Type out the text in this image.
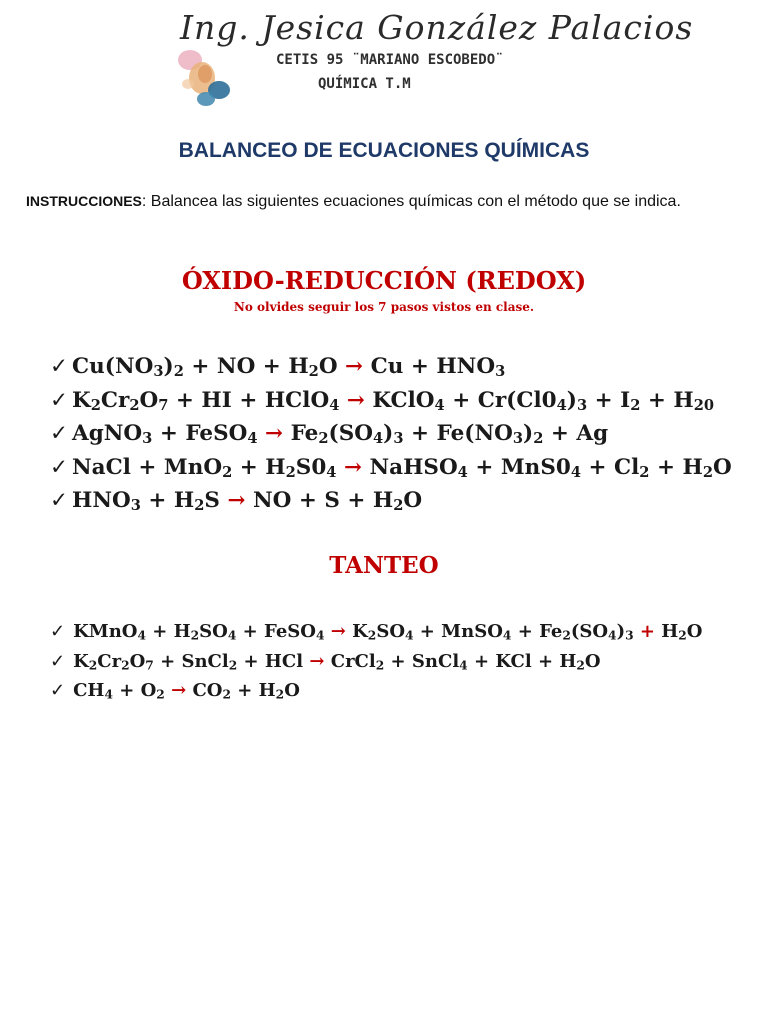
Ing. Jesica González Palacios
CETIS 95 ¨MARIANO ESCOBEDO¨
QUÍMICA T.M
BALANCEO DE ECUACIONES QUÍMICAS
INSTRUCCIONES: Balancea las siguientes ecuaciones químicas con el método que se indica.
ÓXIDO-REDUCCIÓN (REDOX)
No olvides seguir los 7 pasos vistos en clase.
✓ $Cu(NO_3)_2$ + NO + $H_2O \to Cu + HNO_3$
✓ $K_2Cr_2O_7$ + HI + HClO$_4$ → KClO$_4$ + $Cr(Cl0_4)_3 + I_2 + H_{20}$
✓ AgNO$_3$ + FeSO$_4$ → $Fe_2(SO_4)_3 + Fe(NO_3)_2 + Ag$
✓ NaCl + $MnO_2 + H_2S0_4$ → NaHSO$_4$ + $MnS0_4 + Cl_2 + H_2O$
✓ $HNO_3 + H_2S$ → NO + $S + H_2O$
TANTEO
✓ KMnO$_4$ + $H_2SO_4$ + FeSO$_4$ → $K_2SO_4$ + MnSO$_4$ + $Fe_2(SO_4)_3 + H_2O$
✓ $K_2Cr_2O_7$ + SnCl$_2$ + HCl → CrCl$_2$ + SnCl$_4$ + KCl + $H_2O$
✓ $CH_4 + O_2 \to CO_2 + H_2O$
